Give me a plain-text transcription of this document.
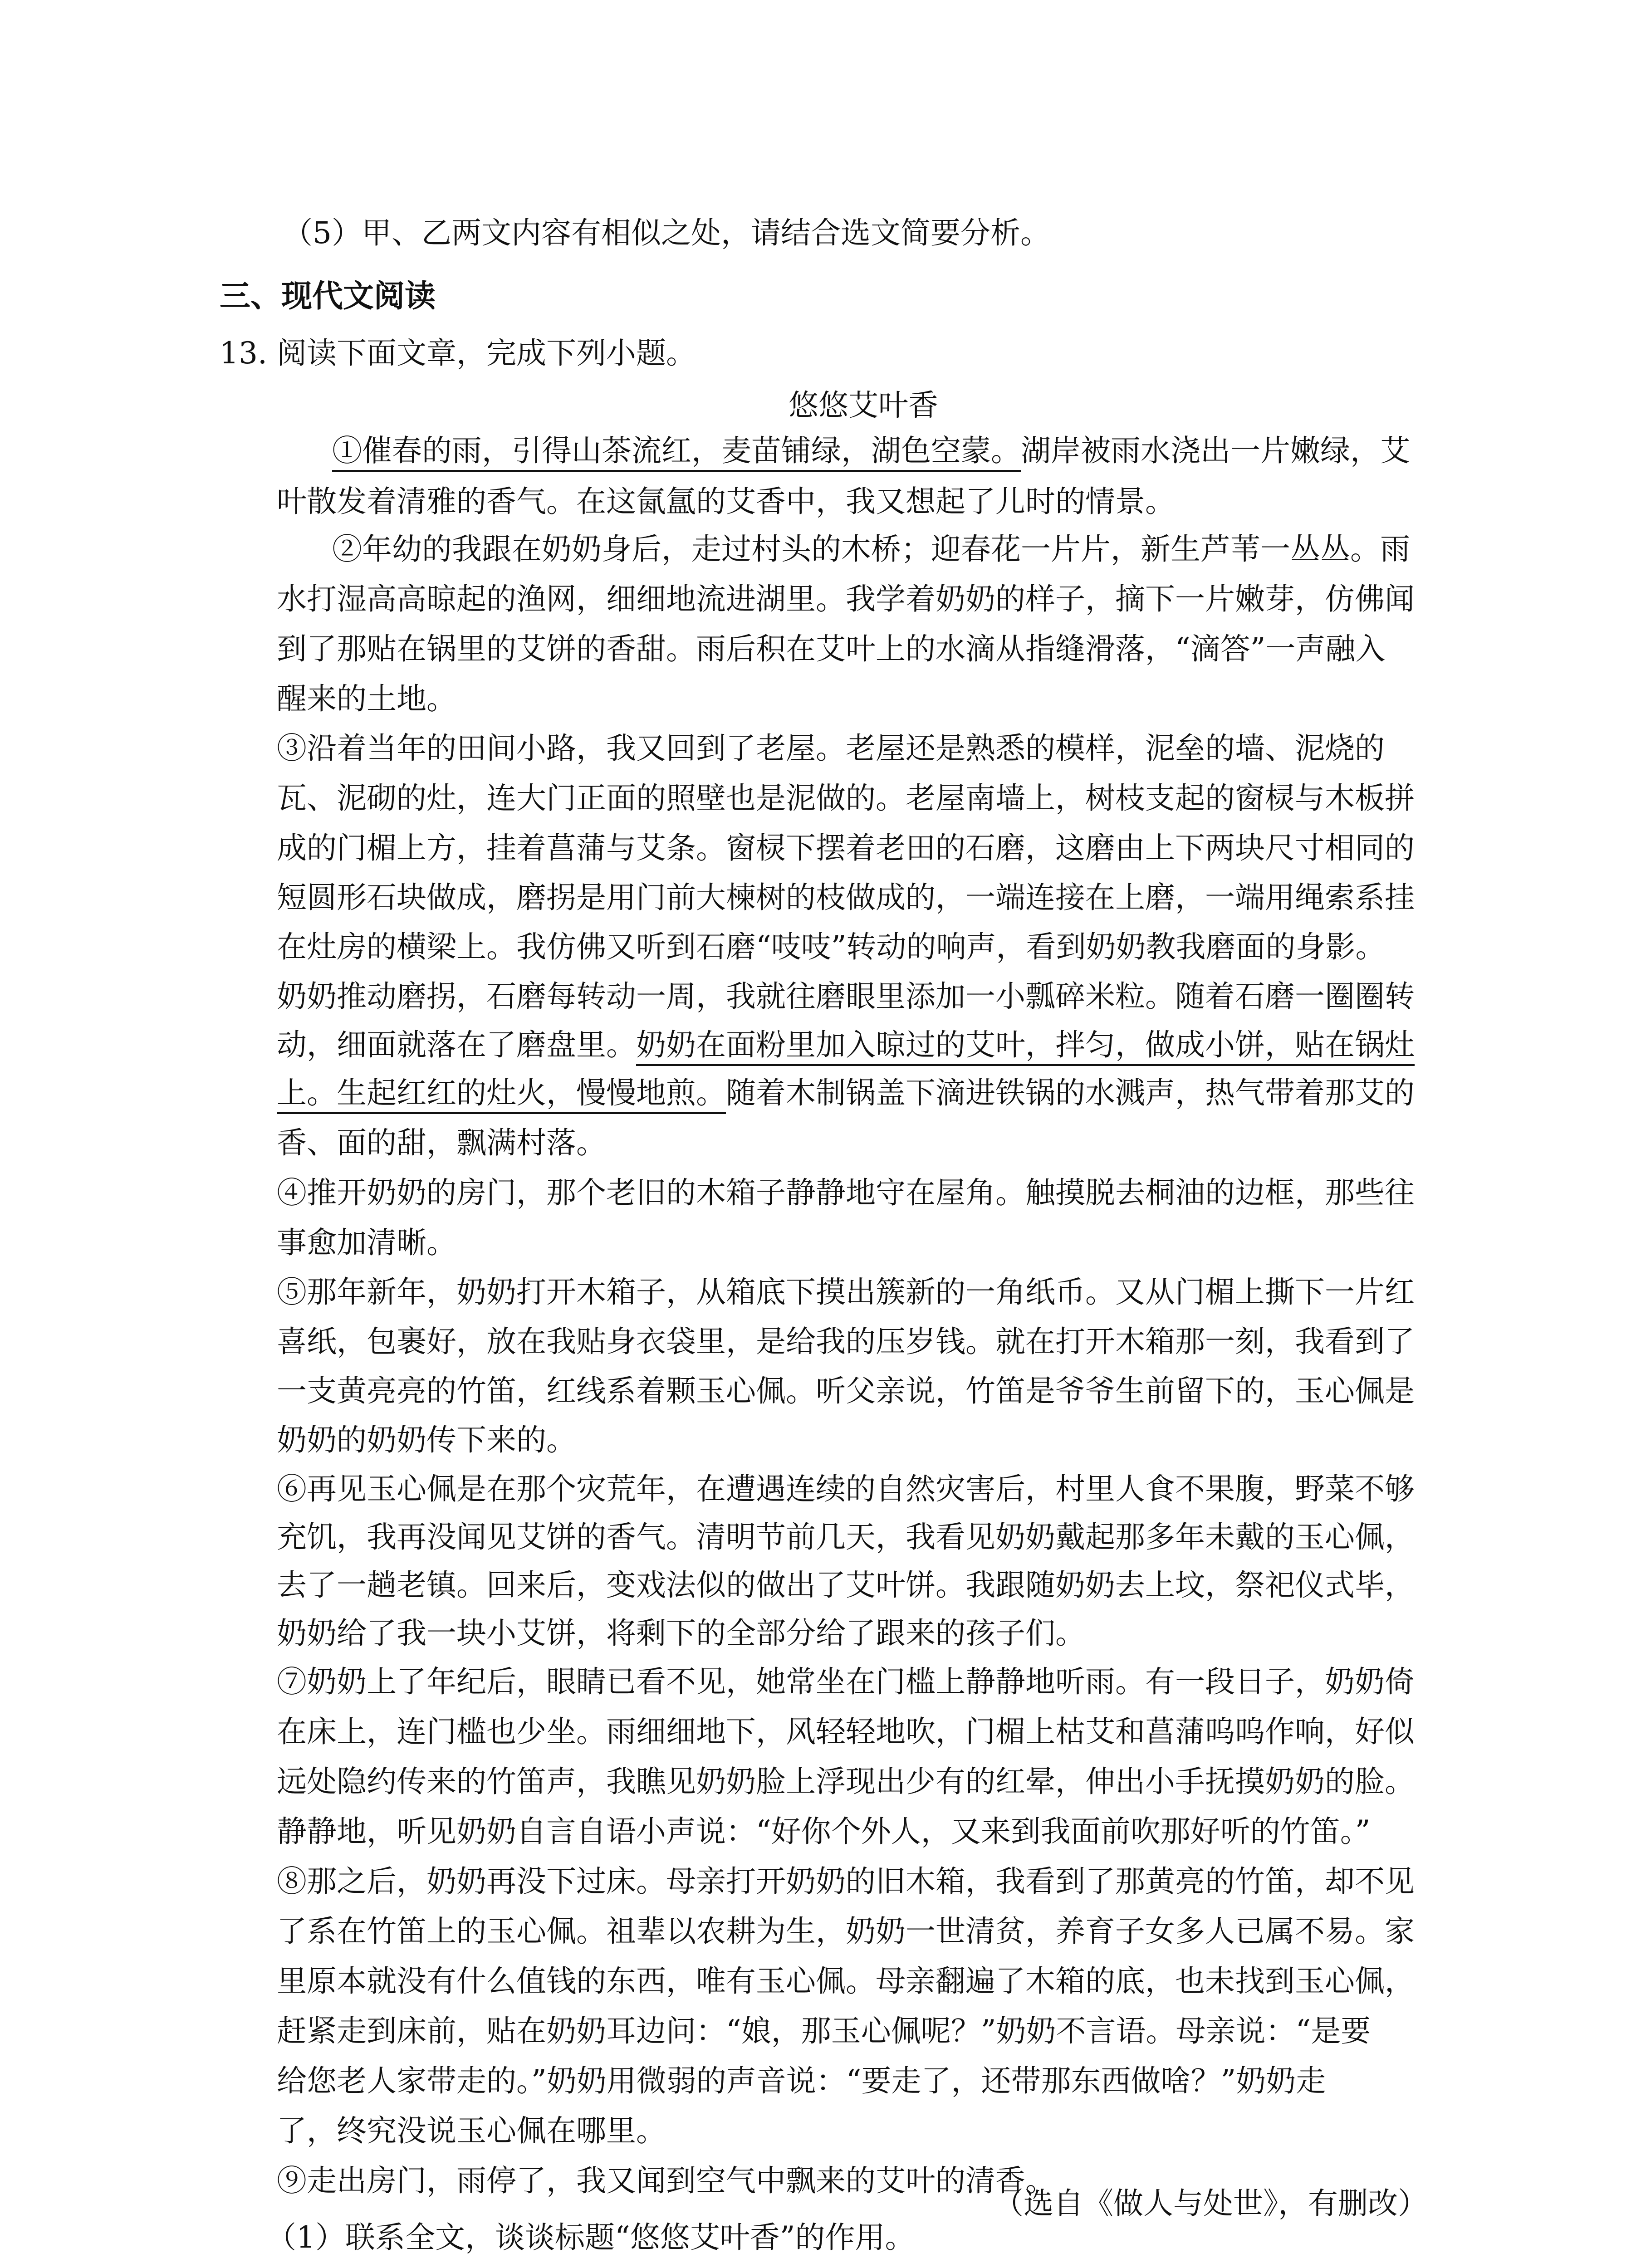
（5）甲、乙两文内容有相似之处，请结合选文简要分析。
三、现代文阅读
13. 阅读下面文章，完成下列小题。
悠悠艾叶香
①催春的雨，引得山茶流红，麦苗铺绿，湖色空蒙。湖岸被雨水浇出一片嫩绿，艾
叶散发着清雅的香气。在这氤氲的艾香中，我又想起了儿时的情景。
②年幼的我跟在奶奶身后，走过村头的木桥；迎春花一片片，新生芦苇一丛丛。雨
水打湿高高晾起的渔网，细细地流进湖里。我学着奶奶的样子，摘下一片嫩芽，仿佛闻
到了那贴在锅里的艾饼的香甜。雨后积在艾叶上的水滴从指缝滑落，“滴答”一声融入
醒来的土地。
③沿着当年的田间小路，我又回到了老屋。老屋还是熟悉的模样，泥垒的墙、泥烧的
瓦、泥砌的灶，连大门正面的照壁也是泥做的。老屋南墙上，树枝支起的窗棂与木板拼
成的门楣上方，挂着菖蒲与艾条。窗棂下摆着老田的石磨，这磨由上下两块尺寸相同的
短圆形石块做成，磨拐是用门前大楝树的枝做成的，一端连接在上磨，一端用绳索系挂
在灶房的横梁上。我仿佛又听到石磨“吱吱”转动的响声，看到奶奶教我磨面的身影。
奶奶推动磨拐，石磨每转动一周，我就往磨眼里添加一小瓢碎米粒。随着石磨一圈圈转
动，细面就落在了磨盘里。奶奶在面粉里加入晾过的艾叶，拌匀，做成小饼，贴在锅灶
上。生起红红的灶火，慢慢地煎。随着木制锅盖下滴进铁锅的水溅声，热气带着那艾的
香、面的甜，飘满村落。
④推开奶奶的房门，那个老旧的木箱子静静地守在屋角。触摸脱去桐油的边框，那些往
事愈加清晰。
⑤那年新年，奶奶打开木箱子，从箱底下摸出簇新的一角纸币。又从门楣上撕下一片红
喜纸，包裹好，放在我贴身衣袋里，是给我的压岁钱。就在打开木箱那一刻，我看到了
一支黄亮亮的竹笛，红线系着颗玉心佩。听父亲说，竹笛是爷爷生前留下的，玉心佩是
奶奶的奶奶传下来的。
⑥再见玉心佩是在那个灾荒年，在遭遇连续的自然灾害后，村里人食不果腹，野菜不够
充饥，我再没闻见艾饼的香气。清明节前几天，我看见奶奶戴起那多年未戴的玉心佩，
去了一趟老镇。回来后，变戏法似的做出了艾叶饼。我跟随奶奶去上坟，祭祀仪式毕，
奶奶给了我一块小艾饼，将剩下的全部分给了跟来的孩子们。
⑦奶奶上了年纪后，眼睛已看不见，她常坐在门槛上静静地听雨。有一段日子，奶奶倚
在床上，连门槛也少坐。雨细细地下，风轻轻地吹，门楣上枯艾和菖蒲呜呜作响，好似
远处隐约传来的竹笛声，我瞧见奶奶脸上浮现出少有的红晕，伸出小手抚摸奶奶的脸。
静静地，听见奶奶自言自语小声说：“好你个外人，又来到我面前吹那好听的竹笛。”
⑧那之后，奶奶再没下过床。母亲打开奶奶的旧木箱，我看到了那黄亮的竹笛，却不见
了系在竹笛上的玉心佩。祖辈以农耕为生，奶奶一世清贫，养育子女多人已属不易。家
里原本就没有什么值钱的东西，唯有玉心佩。母亲翻遍了木箱的底，也未找到玉心佩，
赶紧走到床前，贴在奶奶耳边问：“娘，那玉心佩呢？”奶奶不言语。母亲说：“是要
给您老人家带走的。”奶奶用微弱的声音说：“要走了，还带那东西做啥？”奶奶走
了，终究没说玉心佩在哪里。
⑨走出房门，雨停了，我又闻到空气中飘来的艾叶的清香。
（选自《做人与处世》，有删改）
（1）联系全文，谈谈标题“悠悠艾叶香”的作用。
